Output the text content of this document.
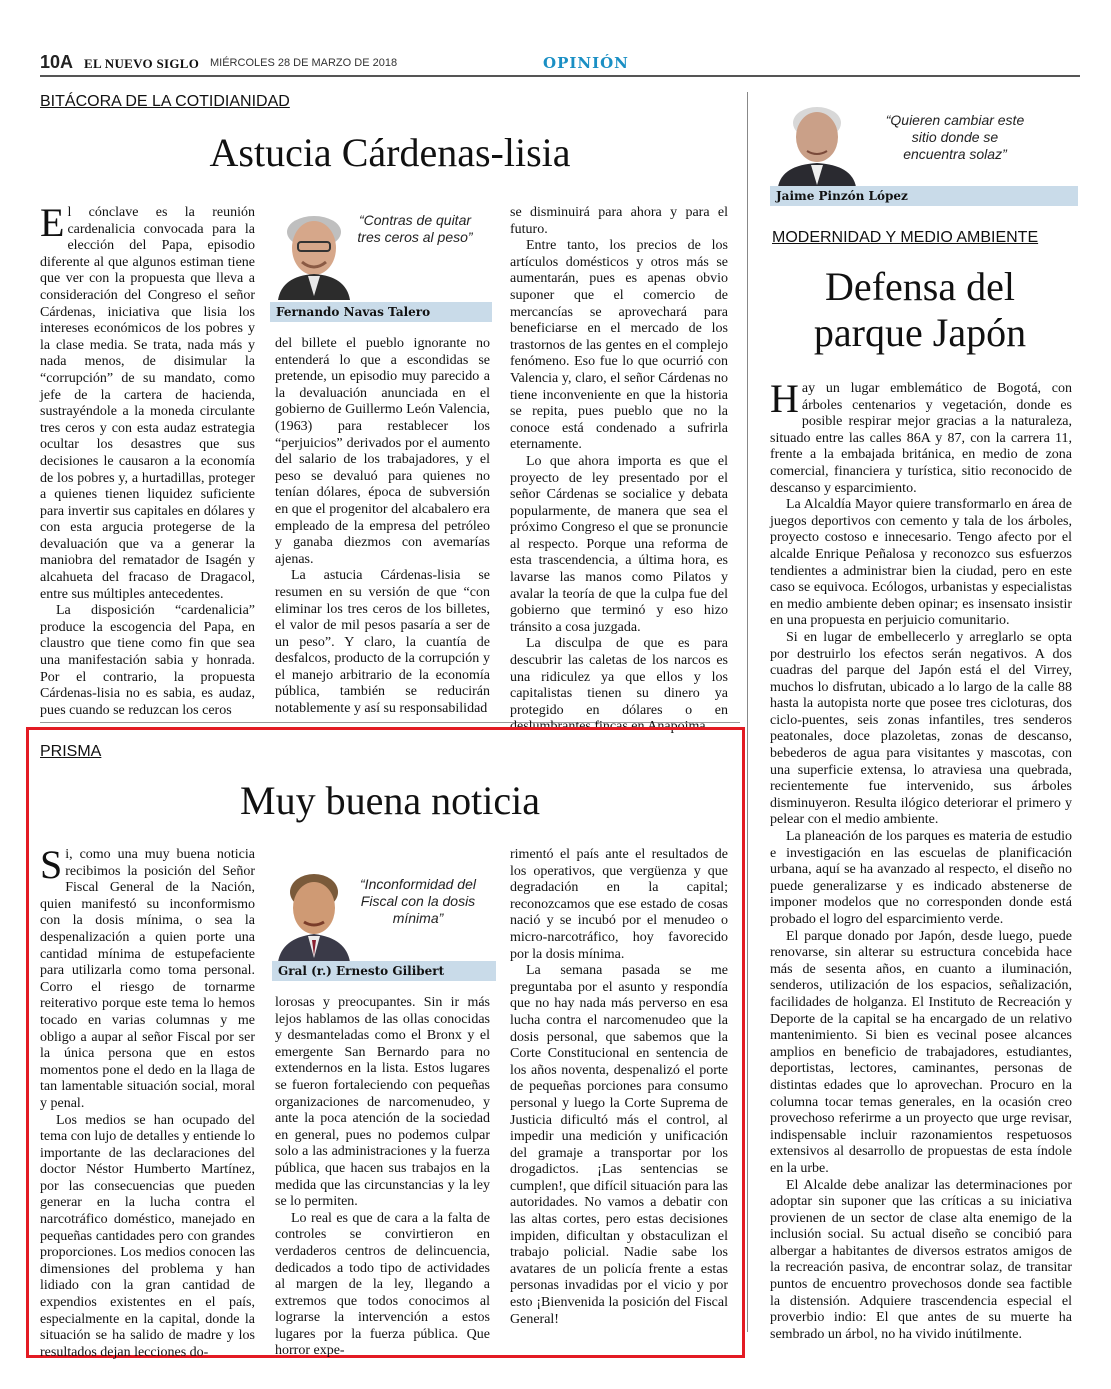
10A EL NUEVO SIGLO MIÉRCOLES 28 DE MARZO DE 2018	OPINIÓN
BITÁCORA DE LA COTIDIANIDAD
Astucia Cárdenas-lisia

El cónclave es la reunión cardenalicia convocada para la elección del Papa, episodio diferente al que algunos estiman tiene que ver con la propuesta que lleva a consideración del Congreso el señor Cárdenas, iniciativa que lisia los intereses económicos de los pobres y la clase media. Se trata, nada más y nada menos, de disimular la “corrupción” de su mandato, como jefe de la cartera de hacienda, sustrayéndole a la moneda circulante tres ceros y con esta audaz estrategia ocultar los desastres que sus decisiones le causaron a la economía de los pobres y, a hurtadillas, proteger a quienes tienen liquidez suficiente para invertir sus capitales en dólares y con esta argucia protegerse de la devaluación que va a generar la maniobra del rematador de Isagén y alcahueta del fracaso de Dragacol, entre sus múltiples antecedentes.

La disposición “cardenalicia” produce la escogencia del Papa, en claustro que tiene como fin que sea una manifestación sabia y honrada. Por el contrario, la propuesta Cárdenas-lisia no es sabia, es audaz, pues cuando se reduzcan los ceros

“Contras de quitar tres ceros al peso”
Fernando Navas Talero

del billete el pueblo ignorante no entenderá lo que a escondidas se pretende, un episodio muy parecido a la devaluación anunciada en el gobierno de Guillermo León Valencia, (1963) para restablecer los “perjuicios” derivados por el aumento del salario de los trabajadores, y el peso se devaluó para quienes no tenían dólares, época de subversión en que el progenitor del alcabalero era empleado de la empresa del petróleo y ganaba diezmos con avemarías ajenas.

La astucia Cárdenas-lisia se resumen en su versión de que “con eliminar los tres ceros de los billetes, el valor de mil pesos pasaría a ser de un peso”. Y claro, la cuantía de desfalcos, producto de la corrupción y el manejo arbitrario de la economía pública, también se reducirán notablemente y así su responsabilidad

se disminuirá para ahora y para el futuro.

Entre tanto, los precios de los artículos domésticos y otros más se aumentarán, pues es apenas obvio suponer que el comercio de mercancías se aprovechará para beneficiarse en el mercado de los trastornos de las gentes en el complejo fenómeno. Eso fue lo que ocurrió con Valencia y, claro, el señor Cárdenas no tiene inconveniente en que la historia se repita, pues pueblo que no la conoce está condenado a sufrirla eternamente.

Lo que ahora importa es que el proyecto de ley presentado por el señor Cárdenas se socialice y debata popularmente, de manera que sea el próximo Congreso el que se pronuncie al respecto. Porque una reforma de esta trascendencia, a última hora, es lavarse las manos como Pilatos y avalar la teoría de que la culpa fue del gobierno que terminó y eso hizo tránsito a cosa juzgada.

La disculpa de que es para descubrir las caletas de los narcos es una ridiculez ya que ellos y los capitalistas tienen su dinero ya protegido en dólares o en deslumbrantes fincas en Anapoima.

PRISMA
Muy buena noticia

Si, como una muy buena noticia recibimos la posición del Señor Fiscal General de la Nación, quien manifestó su inconformismo con la dosis mínima, o sea la despenalización a quien porte una cantidad mínima de estupefaciente para utilizarla como toma personal. Corro el riesgo de tornarme reiterativo porque este tema lo hemos tocado en varias columnas y me obligo a aupar al señor Fiscal por ser la única persona que en estos momentos pone el dedo en la llaga de tan lamentable situación social, moral y penal.

Los medios se han ocupado del tema con lujo de detalles y entiende lo importante de las declaraciones del doctor Néstor Humberto Martínez, por las consecuencias que pueden generar en la lucha contra el narcotráfico doméstico, manejado en pequeñas cantidades pero con grandes proporciones. Los medios conocen las dimensiones del problema y han lidiado con la gran cantidad de expendios existentes en el país, especialmente en la capital, donde la situación se ha salido de madre y los resultados dejan lecciones do-

“Inconformidad del Fiscal con la dosis mínima”
Gral (r.) Ernesto Gilibert

lorosas y preocupantes. Sin ir más lejos hablamos de las ollas conocidas y desmanteladas como el Bronx y el emergente San Bernardo para no extendernos en la lista. Estos lugares se fueron fortaleciendo con pequeñas organizaciones de narcomenudeo, y ante la poca atención de la sociedad en general, pues no podemos culpar solo a las administraciones y la fuerza pública, que hacen sus trabajos en la medida que las circunstancias y la ley se lo permiten.

Lo real es que de cara a la falta de controles se convirtieron en verdaderos centros de delincuencia, dedicados a todo tipo de actividades al margen de la ley, llegando a extremos que todos conocimos al lograrse la intervención a estos lugares por la fuerza pública. Que horror expe-

rimentó el país ante el resultados de los operativos, que vergüenza y que degradación en la capital; reconozcamos que ese estado de cosas nació y se incubó por el menudeo o micro-narcotráfico, hoy favorecido por la dosis mínima.

La semana pasada se me preguntaba por el asunto y respondía que no hay nada más perverso en esa lucha contra el narcomenudeo que la dosis personal, que sabemos que la Corte Constitucional en sentencia de los años noventa, despenalizó el porte de pequeñas porciones para consumo personal y luego la Corte Suprema de Justicia dificultó más el control, al impedir una medición y unificación del gramaje a transportar por los drogadictos. ¡Las sentencias se cumplen!, que difícil situación para las autoridades. No vamos a debatir con las altas cortes, pero estas decisiones impiden, dificultan y obstaculizan el trabajo policial. Nadie sabe los avatares de un policía frente a estas personas invadidas por el vicio y por esto ¡Bienvenida la posición del Fiscal General!

“Quieren cambiar este sitio donde se encuentra solaz”
Jaime Pinzón López
MODERNIDAD Y MEDIO AMBIENTE
Defensa del
parque Japón

Hay un lugar emblemático de Bogotá, con árboles centenarios y vegetación, donde es posible respirar mejor gracias a la naturaleza, situado entre las calles 86A y 87, con la carrera 11, frente a la embajada británica, en medio de zona comercial, financiera y turística, sitio reconocido de descanso y esparcimiento.

La Alcaldía Mayor quiere transformarlo en área de juegos deportivos con cemento y tala de los árboles, proyecto costoso e innecesario. Tengo afecto por el alcalde Enrique Peñalosa y reconozco sus esfuerzos tendientes a administrar bien la ciudad, pero en este caso se equivoca. Ecólogos, urbanistas y especialistas en medio ambiente deben opinar; es insensato insistir en una propuesta en perjuicio comunitario.

Si en lugar de embellecerlo y arreglarlo se opta por destruirlo los efectos serán negativos. A dos cuadras del parque del Japón está el del Virrey, muchos lo disfrutan, ubicado a lo largo de la calle 88 hasta la autopista norte que posee tres cicloturas, dos ciclo-puentes, seis zonas infantiles, tres senderos peatonales, doce plazoletas, zonas de descanso, bebederos de agua para visitantes y mascotas, con una superficie extensa, lo atraviesa una quebrada, recientemente fue intervenido, sus árboles disminuyeron. Resulta ilógico deteriorar el primero y pelear con el medio ambiente.

La planeación de los parques es materia de estudio e investigación en las escuelas de planificación urbana, aquí se ha avanzado al respecto, el diseño no puede generalizarse y es indicado abstenerse de imponer modelos que no corresponden donde está probado el logro del esparcimiento verde.

El parque donado por Japón, desde luego, puede renovarse, sin alterar su estructura concebida hace más de sesenta años, en cuanto a iluminación, senderos, utilización de los espacios, señalización, facilidades de holganza. El Instituto de Recreación y Deporte de la capital se ha encargado de un relativo mantenimiento. Si bien es vecinal posee alcances amplios en beneficio de trabajadores, estudiantes, deportistas, lectores, caminantes, personas de distintas edades que lo aprovechan. Procuro en la columna tocar temas generales, en la ocasión creo provechoso referirme a un proyecto que urge revisar, indispensable incluir razonamientos respetuosos extensivos al desarrollo de propuestas de esta índole en la urbe.

El Alcalde debe analizar las determinaciones por adoptar sin suponer que las críticas a su iniciativa provienen de un sector de clase alta enemigo de la inclusión social. Su actual diseño se concibió para albergar a habitantes de diversos estratos amigos de la recreación pasiva, de encontrar solaz, de transitar puntos de encuentro provechosos donde sea factible la distensión. Adquiere trascendencia especial el proverbio indio: El que antes de su muerte ha sembrado un árbol, no ha vivido inútilmente.
